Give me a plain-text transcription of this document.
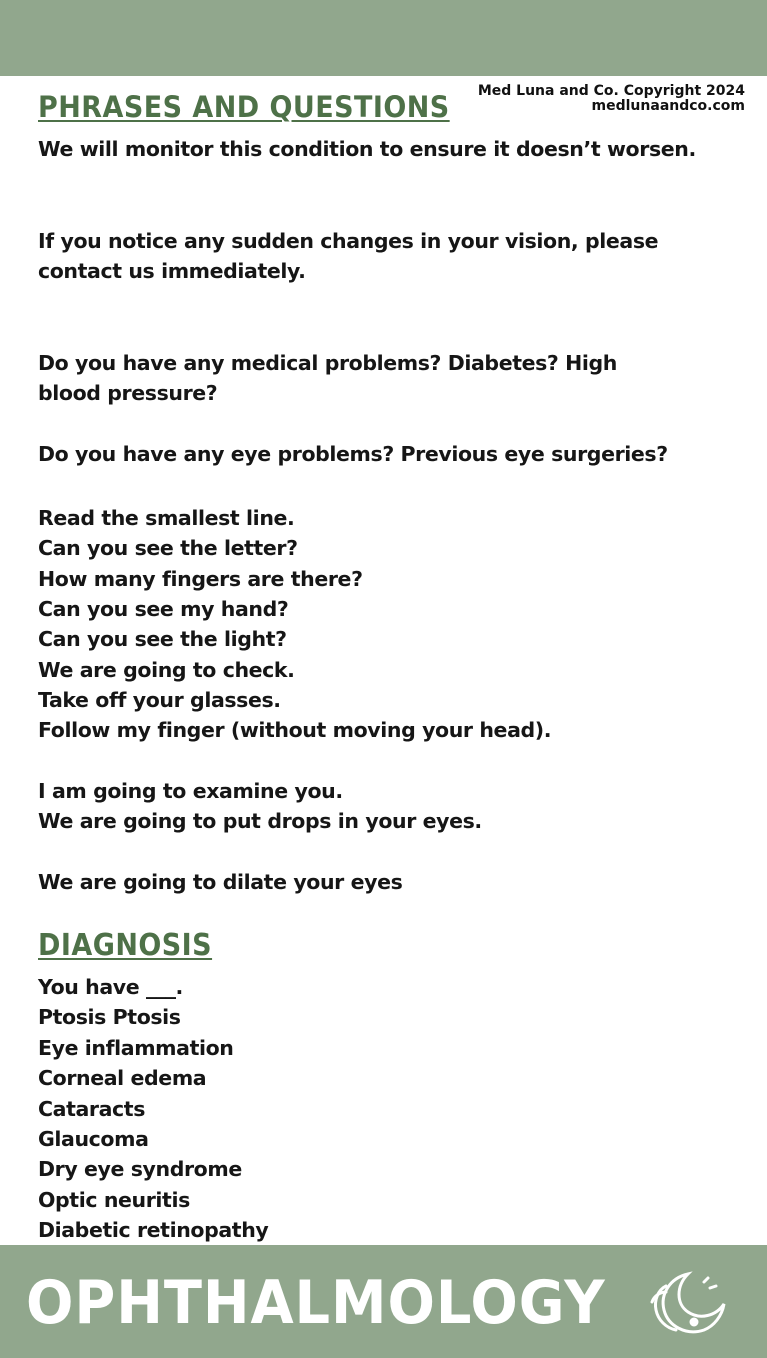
Med Luna and Co. Copyright 2024
medlunaandco.com
PHRASES AND QUESTIONS
We will monitor this condition to ensure it doesn’t worsen.
If you notice any sudden changes in your vision, please
contact us immediately.
Do you have any medical problems? Diabetes? High
blood pressure?
Do you have any eye problems? Previous eye surgeries?
Read the smallest line.
Can you see the letter?
How many fingers are there?
Can you see my hand?
Can you see the light?
We are going to check.
Take off your glasses.
Follow my finger (without moving your head).
I am going to examine you.
We are going to put drops in your eyes.
We are going to dilate your eyes
DIAGNOSIS
You have ___.
Ptosis Ptosis
Eye inflammation
Corneal edema
Cataracts
Glaucoma
Dry eye syndrome
Optic neuritis
Diabetic retinopathy
OPHTHALMOLOGY
